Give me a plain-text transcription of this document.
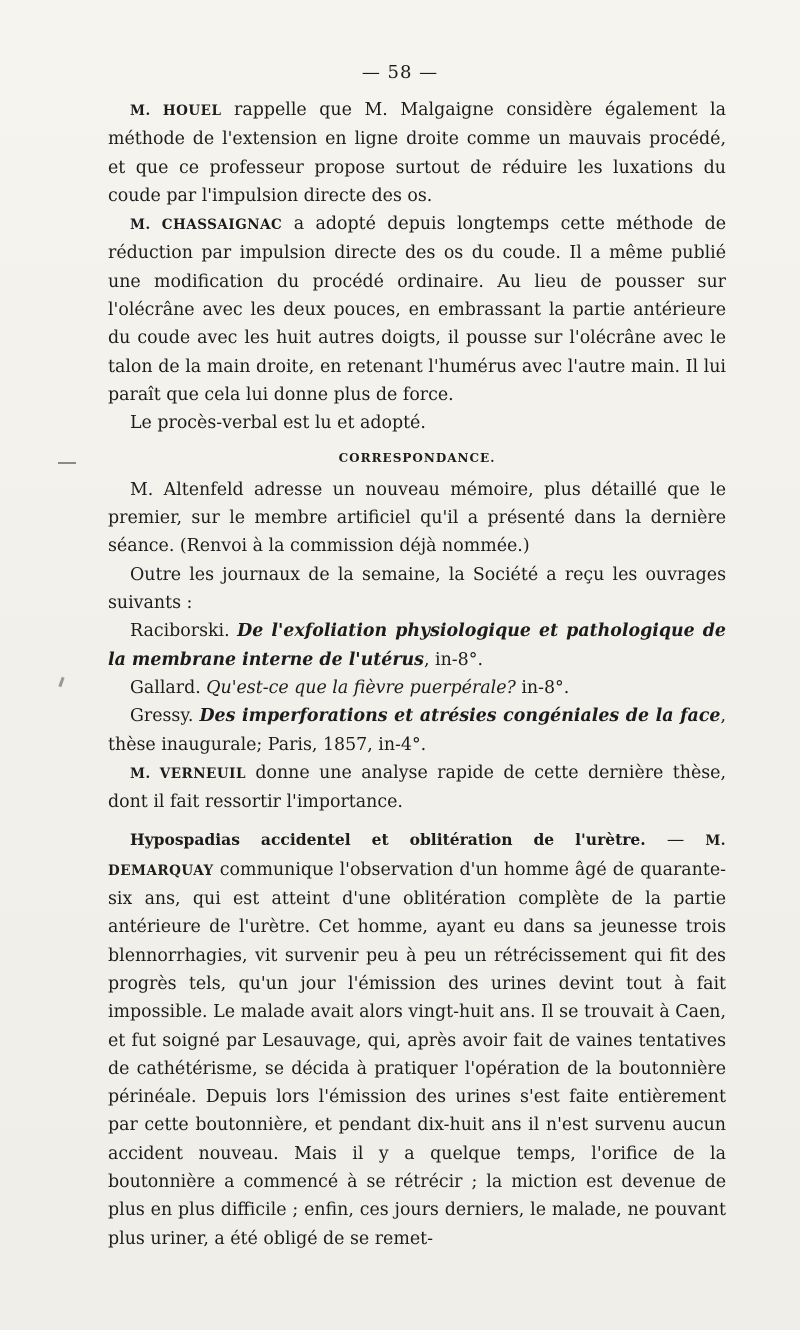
— 58 —

M. HOUEL rappelle que M. Malgaigne considère également la méthode de l'extension en ligne droite comme un mauvais procédé, et que ce professeur propose surtout de réduire les luxations du coude par l'impulsion directe des os.

M. CHASSAIGNAC a adopté depuis longtemps cette méthode de réduction par impulsion directe des os du coude. Il a même publié une modification du procédé ordinaire. Au lieu de pousser sur l'olécrâne avec les deux pouces, en embrassant la partie antérieure du coude avec les huit autres doigts, il pousse sur l'olécrâne avec le talon de la main droite, en retenant l'humérus avec l'autre main. Il lui paraît que cela lui donne plus de force.

Le procès-verbal est lu et adopté.

CORRESPONDANCE.

M. Altenfeld adresse un nouveau mémoire, plus détaillé que le premier, sur le membre artificiel qu'il a présenté dans la dernière séance. (Renvoi à la commission déjà nommée.)

Outre les journaux de la semaine, la Société a reçu les ouvrages suivants :

Raciborski. De l'exfoliation physiologique et pathologique de la membrane interne de l'utérus, in-8°.

Gallard. Qu'est-ce que la fièvre puerpérale? in-8°.

Gressy. Des imperforations et atrésies congéniales de la face, thèse inaugurale; Paris, 1857, in-4°.

M. VERNEUIL donne une analyse rapide de cette dernière thèse, dont il fait ressortir l'importance.

Hypospadias accidentel et oblitération de l'urètre. — M. DEMARQUAY communique l'observation d'un homme âgé de quarante-six ans, qui est atteint d'une oblitération complète de la partie antérieure de l'urètre. Cet homme, ayant eu dans sa jeunesse trois blennorrhagies, vit survenir peu à peu un rétrécissement qui fit des progrès tels, qu'un jour l'émission des urines devint tout à fait impossible. Le malade avait alors vingt-huit ans. Il se trouvait à Caen, et fut soigné par Lesauvage, qui, après avoir fait de vaines tentatives de cathétérisme, se décida à pratiquer l'opération de la boutonnière périnéale. Depuis lors l'émission des urines s'est faite entièrement par cette boutonnière, et pendant dix-huit ans il n'est survenu aucun accident nouveau. Mais il y a quelque temps, l'orifice de la boutonnière a commencé à se rétrécir ; la miction est devenue de plus en plus difficile ; enfin, ces jours derniers, le malade, ne pouvant plus uriner, a été obligé de se remet-
